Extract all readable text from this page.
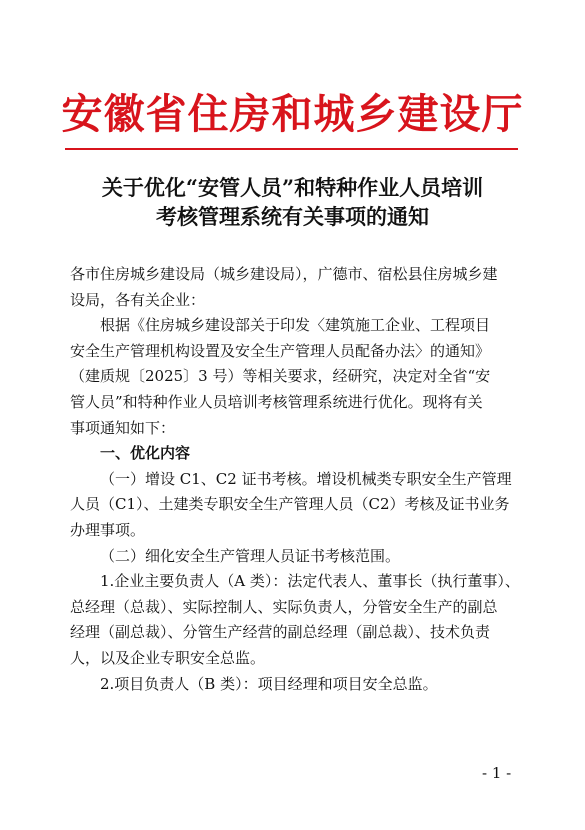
安徽省住房和城乡建设厅
关于优化“安管人员”和特种作业人员培训
考核管理系统有关事项的通知

各市住房城乡建设局（城乡建设局），广德市、宿松县住房城乡建

设局，各有关企业：

根据《住房城乡建设部关于印发〈建筑施工企业、工程项目

安全生产管理机构设置及安全生产管理人员配备办法〉的通知》

（建质规〔2025〕3 号）等相关要求，经研究，决定对全省“安

管人员”和特种作业人员培训考核管理系统进行优化。现将有关

事项通知如下：

一、优化内容

（一）增设 C1、C2 证书考核。增设机械类专职安全生产管理

人员（C1）、土建类专职安全生产管理人员（C2）考核及证书业务

办理事项。

（二）细化安全生产管理人员证书考核范围。

1.企业主要负责人（A 类）：法定代表人、董事长（执行董事）、

总经理（总裁）、实际控制人、实际负责人，分管安全生产的副总

经理（副总裁）、分管生产经营的副总经理（副总裁）、技术负责

人，以及企业专职安全总监。

2.项目负责人（B 类）：项目经理和项目安全总监。

- 1 -
